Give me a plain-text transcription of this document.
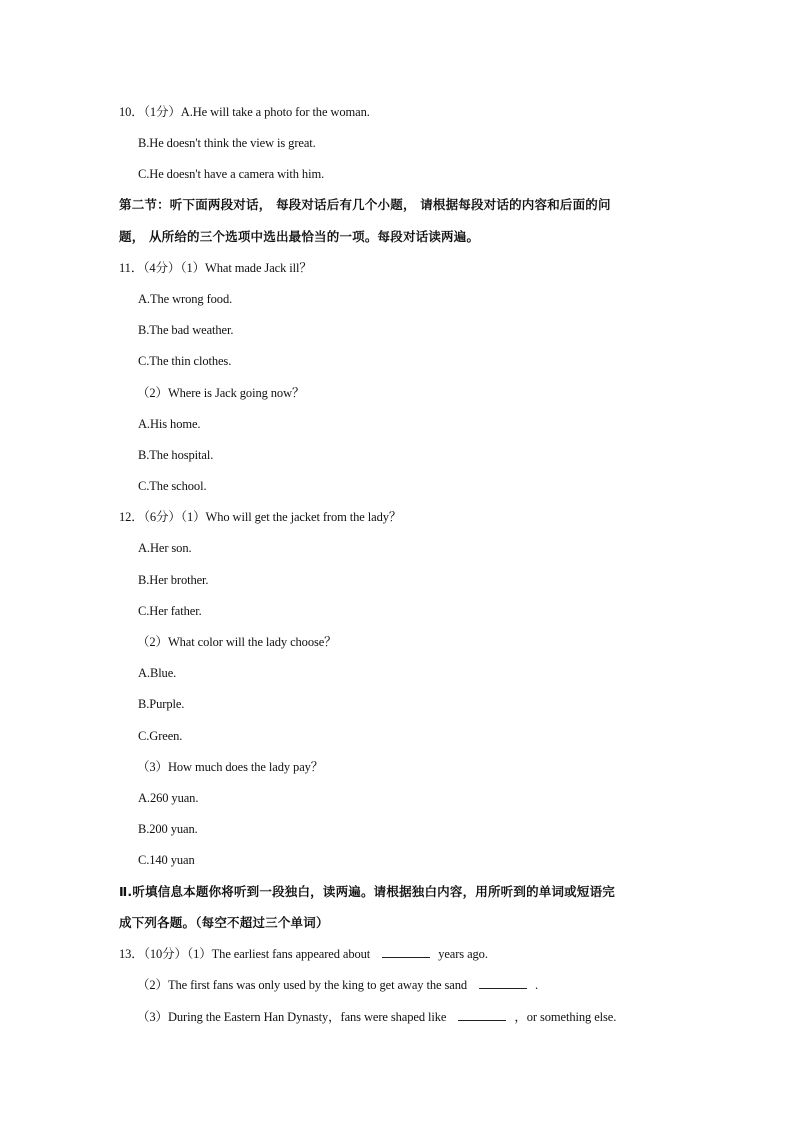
10．（1分）A.He will take a photo for the woman.
B.He doesn't think the view is great.
C.He doesn't have a camera with him.
第二节：听下面两段对话， 每段对话后有几个小题， 请根据每段对话的内容和后面的问
题， 从所给的三个选项中选出最恰当的一项。每段对话读两遍。
11．（4分）（1）What made Jack ill？
A.The wrong food.
B.The bad weather.
C.The thin clothes.
（2）Where is Jack going now？
A.His home.
B.The hospital.
C.The school.
12．（6分）（1）Who will get the jacket from the lady？
A.Her son.
B.Her brother.
C.Her father.
（2）What color will the lady choose？
A.Blue.
B.Purple.
C.Green.
（3）How much does the lady pay？
A.260 yuan.
B.200 yuan.
C.140 yuan
Ⅱ.听填信息本题你将听到一段独白，读两遍。请根据独白内容，用所听到的单词或短语完
成下列各题。（每空不超过三个单词）
13．（10分）（1）The earliest fans appeared about	years ago.
（2）The first fans was only used by the king to get away the sand	.
（3）During the Eastern Han Dynasty，fans were shaped like	，or something else.
